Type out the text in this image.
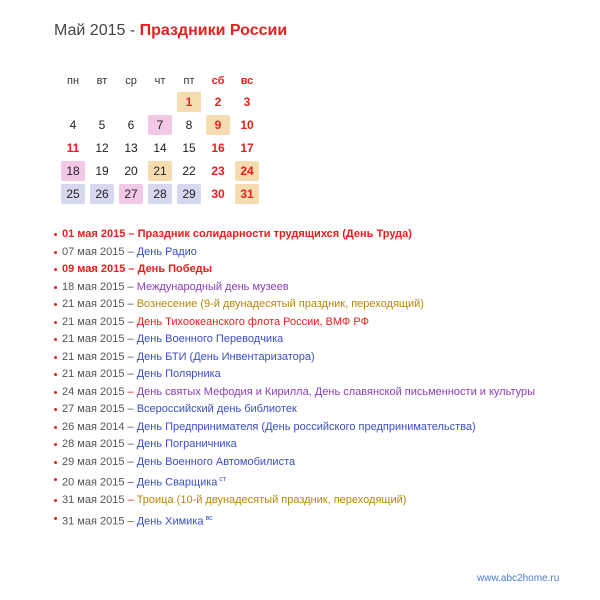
Май 2015 - Праздники России
пн	вт	ср	чт	пт	сб	вс
				1	2	3
4	5	6	7	8	9	10
11	12	13	14	15	16	17
18	19	20	21	22	23	24
25	26	27	28	29	30	31
01 мая 2015 – Праздник солидарности трудящихся (День Труда)
07 мая 2015 – День Радио
09 мая 2015 – День Победы
18 мая 2015 – Международный день музеев
21 мая 2015 – Вознесение (9-й двунадесятый праздник, переходящий)
21 мая 2015 – День Тихоокеанского флота России, ВМФ РФ
21 мая 2015 – День Военного Переводчика
21 мая 2015 – День БТИ (День Инвентаризатора)
21 мая 2015 – День Полярника
24 мая 2015 – День святых Мефодия и Кирилла, День славянской письменности и культуры
27 мая 2015 – Всероссийский день библиотек
26 мая 2014 – День Предпринимателя (День российского предпринимательства)
28 мая 2015 – День Пограничника
29 мая 2015 – День Военного Автомобилиста
20 мая 2015 – День Сварщика $^{ст}$
31 мая 2015 – Троица (10-й двунадесятый праздник, переходящий)
31 мая 2015 – День Химика $^{вс}$
www.abc2home.ru
